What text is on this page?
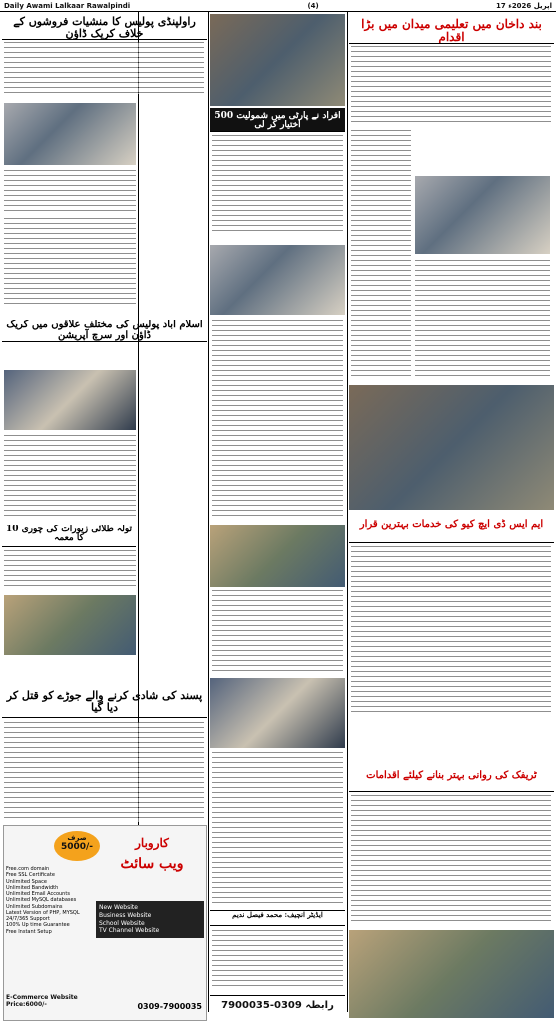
Daily Awami Lalkaar Rawalpindi	(4)	17 اپریل 2026ء
راولپنڈی پولیس کا منشیات فروشوں کے خلاف کریک ڈاؤن
اسلام آباد پولیس کی مختلف علاقوں میں کریک ڈاؤن اور سرچ آپریشن
10 تولہ طلائی زیورات کی چوری کا معمہ
پسند کی شادی کرنے والے جوڑے کو قتل کر دیا گیا
صرف
5000/-	کاروبار
ویب سائٹ
Free.com domain
Free SSL Certificate
Unlimited Space
Unlimited Bandwidth
Unlimited Email Accounts
Unlimited MySQL databases
Unlimited Subdomains
Latest Version of PHP, MYSQL
24/7/365 Support
100% Up time Guarantee
Free Instant Setup
New Website
Business Website
School Website
TV Channel Website
E-Commerce Website
Price:6000/-	0309-7900035
500 افراد نے پارٹی میں شمولیت اختیار کر لی
ایڈیٹر انچیف: محمد فیصل ندیم
رابطہ 0309-7900035
بند داخان میں تعلیمی میدان میں بڑا اقدام
ایم ایس ڈی ایچ کیو کی خدمات بہترین قرار
ٹریفک کی روانی بہتر بنانے کیلئے اقدامات
